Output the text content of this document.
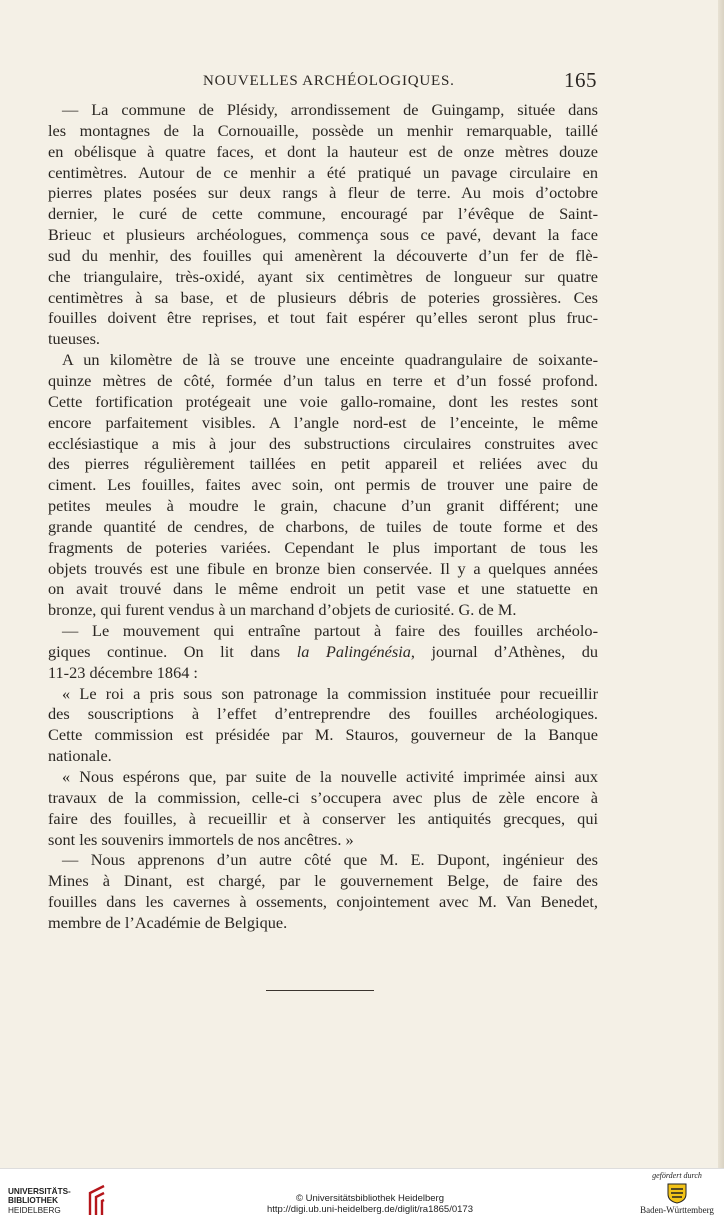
NOUVELLES ARCHÉOLOGIQUES.	165

— La commune de Plésidy, arrondissement de Guingamp, située dans
les montagnes de la Cornouaille, possède un menhir remarquable, taillé
en obélisque à quatre faces, et dont la hauteur est de onze mètres douze
centimètres. Autour de ce menhir a été pratiqué un pavage circulaire en
pierres plates posées sur deux rangs à fleur de terre. Au mois d’octobre
dernier, le curé de cette commune, encouragé par l’évêque de Saint-
Brieuc et plusieurs archéologues, commença sous ce pavé, devant la face
sud du menhir, des fouilles qui amenèrent la découverte d’un fer de flè-
che triangulaire, très-oxidé, ayant six centimètres de longueur sur quatre
centimètres à sa base, et de plusieurs débris de poteries grossières. Ces
fouilles doivent être reprises, et tout fait espérer qu’elles seront plus fruc-
tueuses.

A un kilomètre de là se trouve une enceinte quadrangulaire de soixante-
quinze mètres de côté, formée d’un talus en terre et d’un fossé profond.
Cette fortification protégeait une voie gallo-romaine, dont les restes sont
encore parfaitement visibles. A l’angle nord-est de l’enceinte, le même
ecclésiastique a mis à jour des substructions circulaires construites avec
des pierres régulièrement taillées en petit appareil et reliées avec du
ciment. Les fouilles, faites avec soin, ont permis de trouver une paire de
petites meules à moudre le grain, chacune d’un granit différent; une
grande quantité de cendres, de charbons, de tuiles de toute forme et des
fragments de poteries variées. Cependant le plus important de tous les
objets trouvés est une fibule en bronze bien conservée. Il y a quelques années
on avait trouvé dans le même endroit un petit vase et une statuette en
bronze, qui furent vendus à un marchand d’objets de curiosité. G. de M.

— Le mouvement qui entraîne partout à faire des fouilles archéolo-
giques continue. On lit dans la Palingénésia, journal d’Athènes, du
11-23 décembre 1864 :

« Le roi a pris sous son patronage la commission instituée pour recueillir
des souscriptions à l’effet d’entreprendre des fouilles archéologiques.
Cette commission est présidée par M. Stauros, gouverneur de la Banque
nationale.

« Nous espérons que, par suite de la nouvelle activité imprimée ainsi aux
travaux de la commission, celle-ci s’occupera avec plus de zèle encore à
faire des fouilles, à recueillir et à conserver les antiquités grecques, qui
sont les souvenirs immortels de nos ancêtres. »

— Nous apprenons d’un autre côté que M. E. Dupont, ingénieur des
Mines à Dinant, est chargé, par le gouvernement Belge, de faire des
fouilles dans les cavernes à ossements, conjointement avec M. Van Benedet,
membre de l’Académie de Belgique.

UNIVERSITÄTS-
BIBLIOTHEK
HEIDELBERG
© Universitätsbibliothek Heidelberg
http://digi.ub.uni-heidelberg.de/diglit/ra1865/0173
gefördert durch
Baden-Württemberg
